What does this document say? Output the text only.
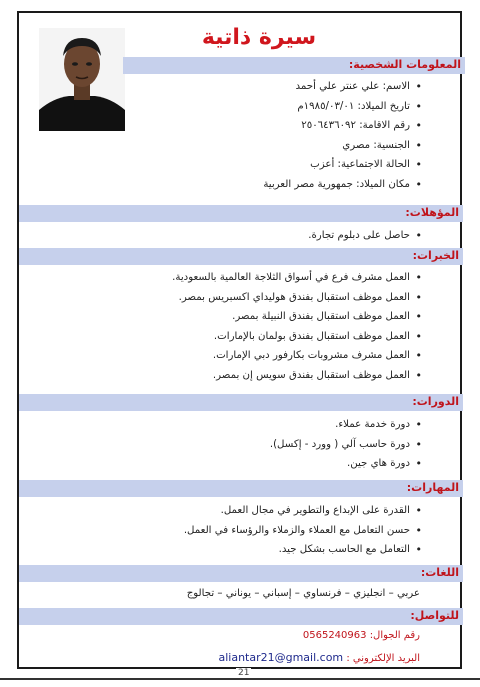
سيرة ذاتية
المعلومات الشخصية:
• الاسم: علي عنتر علي أحمد
• تاريخ الميلاد: ١٩٨٥/٠٣/٠١م
• رقم الاقامة: ٢٥٠٦٤٣٦٠٩٢
• الجنسية: مصري
• الحالة الاجتماعية: أعزب
• مكان الميلاد: جمهورية مصر العربية
المؤهلات:
• حاصل على دبلوم تجارة.
الخبرات:
• العمل مشرف فرع في أسواق الثلاجة العالمية بالسعودية.
• العمل موظف استقبال بفندق هوليداي اكسبريس بمصر.
• العمل موظف استقبال بفندق النبيلة بمصر.
• العمل موظف استقبال بفندق بولمان بالإمارات.
• العمل مشرف مشروبات بكارفور دبي الإمارات.
• العمل موظف استقبال بفندق سويس إن بمصر.
الدورات:
• دورة خدمة عملاء.
• دورة حاسب آلي ( وورد - إكسل).
• دورة هاي جين.
المهارات:
• القدرة على الإبداع والتطوير في مجال العمل.
• حسن التعامل مع العملاء والزملاء والرؤساء في العمل.
• التعامل مع الحاسب بشكل جيد.
اللغات:
عربي – انجليزي – فرنساوي – إسباني – يوناني – تجالوج
للتواصل:
رقم الجوال: 0565240963
البريد الإلكتروني : aliantar21@gmail.com
21
